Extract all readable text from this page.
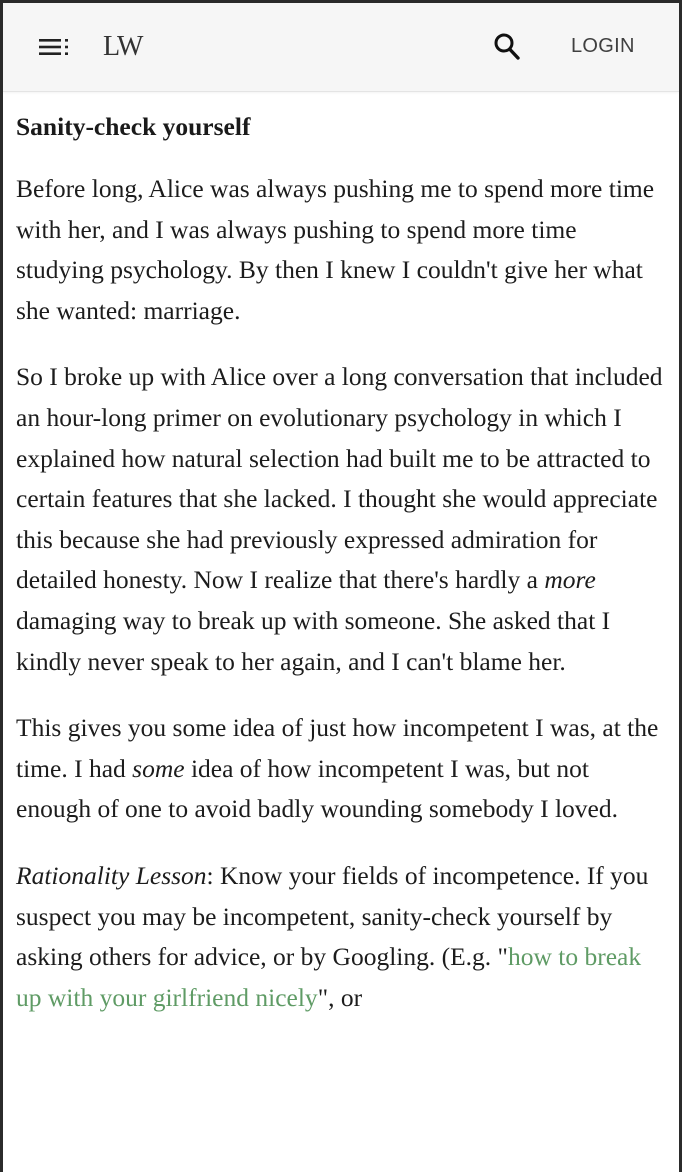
LW	LOGIN
Sanity-check yourself

Before long, Alice was always pushing me to spend more time with her, and I was always pushing to spend more time studying psychology. By then I knew I couldn't give her what she wanted: marriage.

So I broke up with Alice over a long conversation that included an hour-long primer on evolutionary psychology in which I explained how natural selection had built me to be attracted to certain features that she lacked. I thought she would appreciate this because she had previously expressed admiration for detailed honesty. Now I realize that there's hardly a more damaging way to break up with someone. She asked that I kindly never speak to her again, and I can't blame her.

This gives you some idea of just how incompetent I was, at the time. I had some idea of how incompetent I was, but not enough of one to avoid badly wounding somebody I loved.

Rationality Lesson: Know your fields of incompetence. If you suspect you may be incompetent, sanity-check yourself by asking others for advice, or by Googling. (E.g. "how to break up with your girlfriend nicely", or
